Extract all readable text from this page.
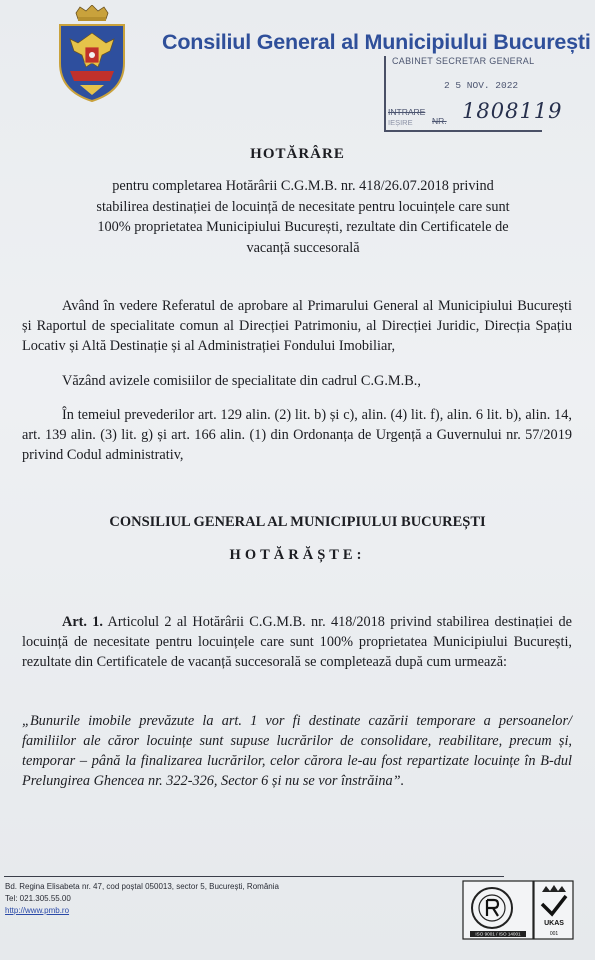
Consiliul General al Municipiului București
CABINET SECRETAR GENERAL
2 5 NOV. 2022
INTRARE
IEȘIRE NR. 1808119
HOTĂRÂRE
pentru completarea Hotărârii C.G.M.B. nr. 418/26.07.2018 privind stabilirea destinației de locuință de necesitate pentru locuințele care sunt 100% proprietatea Municipiului București, rezultate din Certificatele de vacanță succesorală
Având în vedere Referatul de aprobare al Primarului General al Municipiului București și Raportul de specialitate comun al Direcției Patrimoniu, al Direcției Juridic, Direcția Spațiu Locativ și Altă Destinație și al Administrației Fondului Imobiliar,
Văzând avizele comisiilor de specialitate din cadrul C.G.M.B.,
În temeiul prevederilor art. 129 alin. (2) lit. b) și c), alin. (4) lit. f), alin. 6 lit. b), alin. 14, art. 139 alin. (3) lit. g) și art. 166 alin. (1) din Ordonanța de Urgență a Guvernului nr. 57/2019 privind Codul administrativ,
CONSILIUL GENERAL AL MUNICIPIULUI BUCUREȘTI
HOTĂRĂȘTE:
Art. 1. Articolul 2 al Hotărârii C.G.M.B. nr. 418/2018 privind stabilirea destinației de locuință de necesitate pentru locuințele care sunt 100% proprietatea Municipiului București, rezultate din Certificatele de vacanță succesorală se completează după cum urmează:
„Bunurile imobile prevăzute la art. 1 vor fi destinate cazării temporare a persoanelor/ familiilor ale căror locuințe sunt supuse lucrărilor de consolidare, reabilitare, precum și, temporar – până la finalizarea lucrărilor, celor cărora le-au fost repartizate locuințe în B-dul Prelungirea Ghencea nr. 322-326, Sector 6 și nu se vor înstrăina”.
Bd. Regina Elisabeta nr. 47, cod poștal 050013, sector 5, București, România
Tel: 021.305.55.00
http://www.pmb.ro
UKAS
ISO 9001 / ISO 14001	001
